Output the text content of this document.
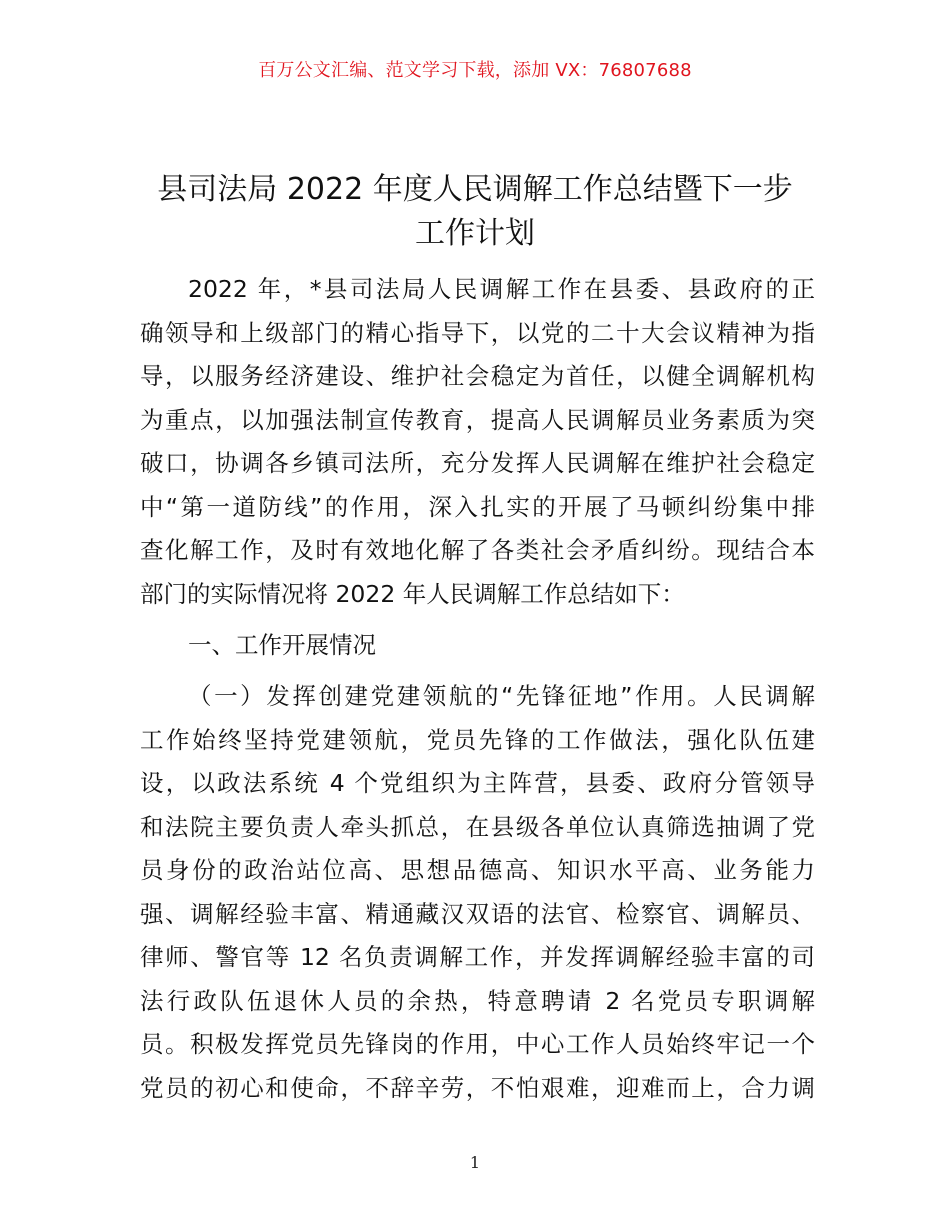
百万公文汇编、范文学习下载，添加 VX：76807688
县司法局 2022 年度人民调解工作总结暨下一步
工作计划
2022 年，*县司法局人民调解工作在县委、县政府的正
确领导和上级部门的精心指导下，以党的二十大会议精神为指
导，以服务经济建设、维护社会稳定为首任，以健全调解机构
为重点，以加强法制宣传教育，提高人民调解员业务素质为突
破口，协调各乡镇司法所，充分发挥人民调解在维护社会稳定
中“第一道防线”的作用，深入扎实的开展了马顿纠纷集中排
查化解工作，及时有效地化解了各类社会矛盾纠纷。现结合本
部门的实际情况将 2022 年人民调解工作总结如下：
一、工作开展情况
（一）发挥创建党建领航的“先锋征地”作用。人民调解
工作始终坚持党建领航，党员先锋的工作做法，强化队伍建
设，以政法系统 4 个党组织为主阵营，县委、政府分管领导
和法院主要负责人牵头抓总，在县级各单位认真筛选抽调了党
员身份的政治站位高、思想品德高、知识水平高、业务能力
强、调解经验丰富、精通藏汉双语的法官、检察官、调解员、
律师、警官等 12 名负责调解工作，并发挥调解经验丰富的司
法行政队伍退休人员的余热，特意聘请 2 名党员专职调解
员。积极发挥党员先锋岗的作用，中心工作人员始终牢记一个
党员的初心和使命，不辞辛劳，不怕艰难，迎难而上，合力调
1
